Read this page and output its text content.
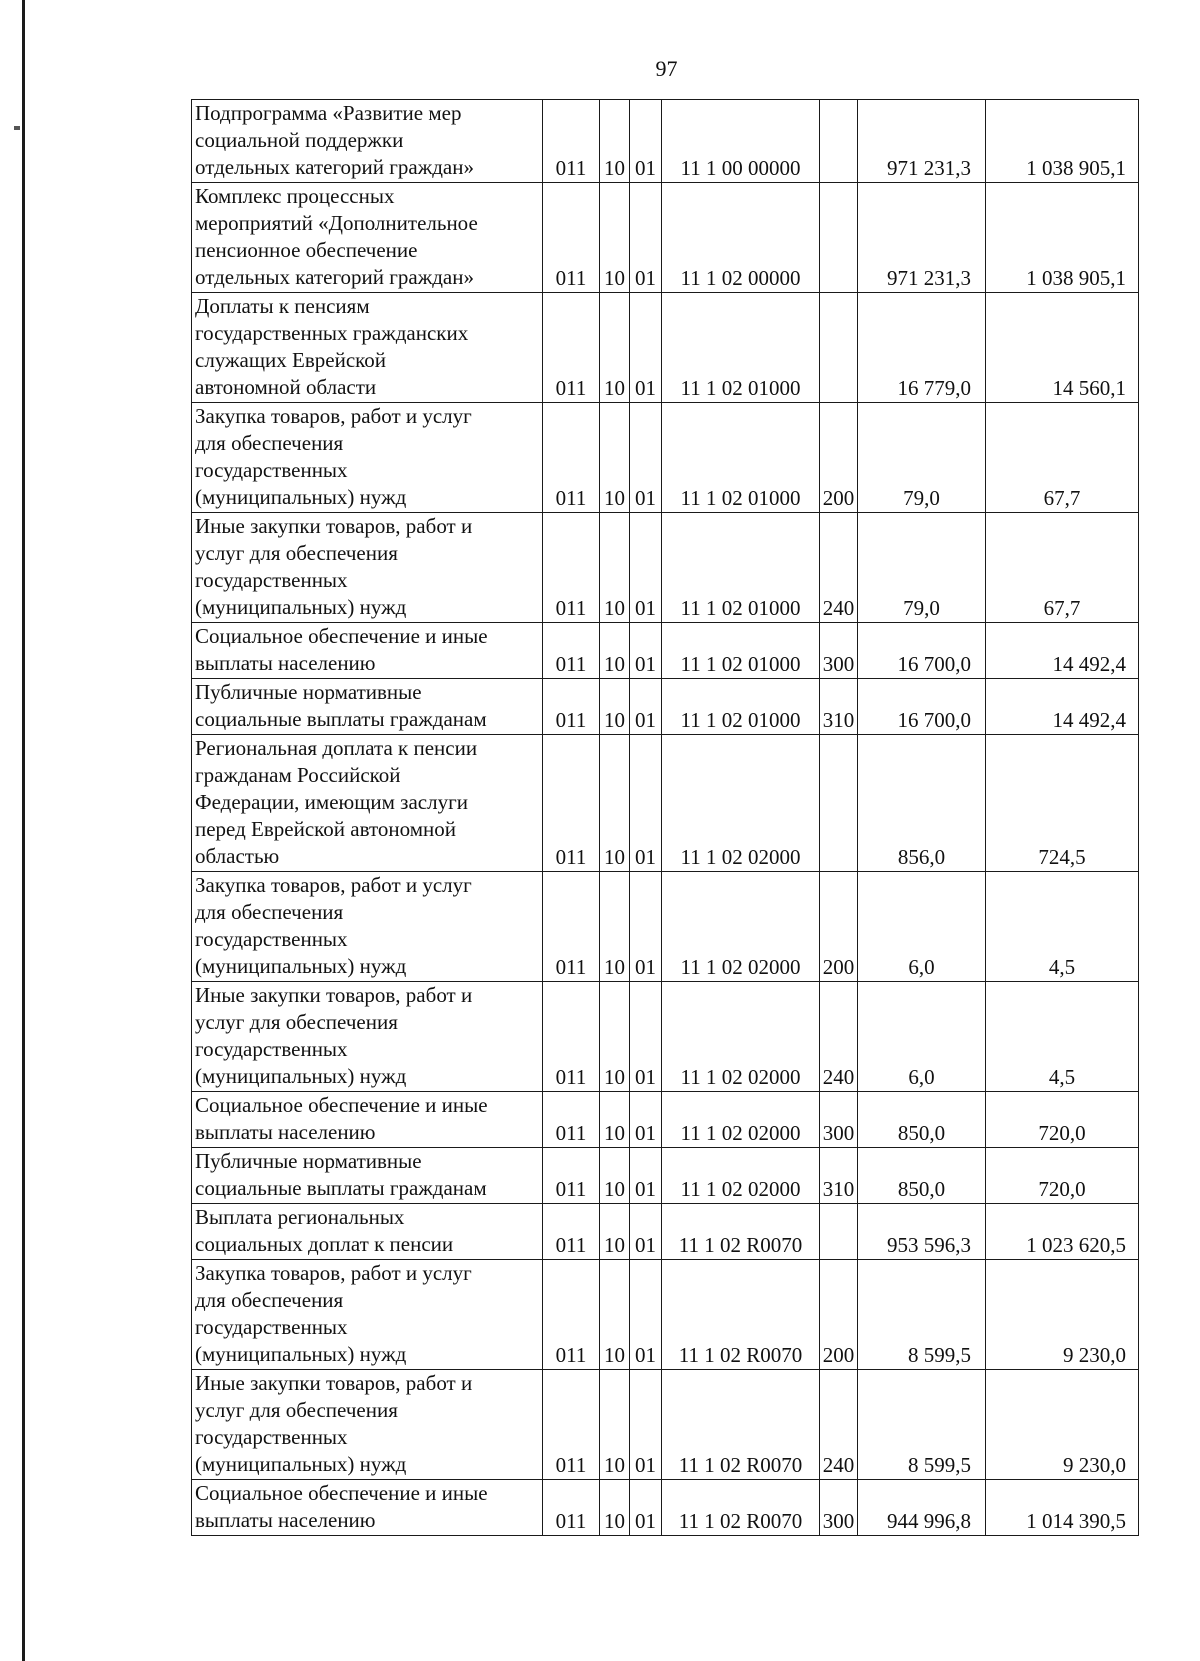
97
Подпрограмма «Развитие мер
социальной поддержки
отдельных категорий граждан»	011	10	01	11 1 00 00000		971 231,3	1 038 905,1

Комплекс процессных
мероприятий «Дополнительное
пенсионное обеспечение
отдельных категорий граждан»	011	10	01	11 1 02 00000		971 231,3	1 038 905,1

Доплаты к пенсиям
государственных гражданских
служащих Еврейской
автономной области	011	10	01	11 1 02 01000		16 779,0	14 560,1

Закупка товаров, работ и услуг
для обеспечения
государственных
(муниципальных) нужд	011	10	01	11 1 02 01000	200	79,0	67,7

Иные закупки товаров, работ и
услуг для обеспечения
государственных
(муниципальных) нужд	011	10	01	11 1 02 01000	240	79,0	67,7

Социальное обеспечение и иные
выплаты населению	011	10	01	11 1 02 01000	300	16 700,0	14 492,4

Публичные нормативные
социальные выплаты гражданам	011	10	01	11 1 02 01000	310	16 700,0	14 492,4

Региональная доплата к пенсии
гражданам Российской
Федерации, имеющим заслуги
перед Еврейской автономной
областью	011	10	01	11 1 02 02000		856,0	724,5

Закупка товаров, работ и услуг
для обеспечения
государственных
(муниципальных) нужд	011	10	01	11 1 02 02000	200	6,0	4,5

Иные закупки товаров, работ и
услуг для обеспечения
государственных
(муниципальных) нужд	011	10	01	11 1 02 02000	240	6,0	4,5

Социальное обеспечение и иные
выплаты населению	011	10	01	11 1 02 02000	300	850,0	720,0

Публичные нормативные
социальные выплаты гражданам	011	10	01	11 1 02 02000	310	850,0	720,0

Выплата региональных
социальных доплат к пенсии	011	10	01	11 1 02 R0070		953 596,3	1 023 620,5

Закупка товаров, работ и услуг
для обеспечения
государственных
(муниципальных) нужд	011	10	01	11 1 02 R0070	200	8 599,5	9 230,0

Иные закупки товаров, работ и
услуг для обеспечения
государственных
(муниципальных) нужд	011	10	01	11 1 02 R0070	240	8 599,5	9 230,0

Социальное обеспечение и иные
выплаты населению	011	10	01	11 1 02 R0070	300	944 996,8	1 014 390,5
